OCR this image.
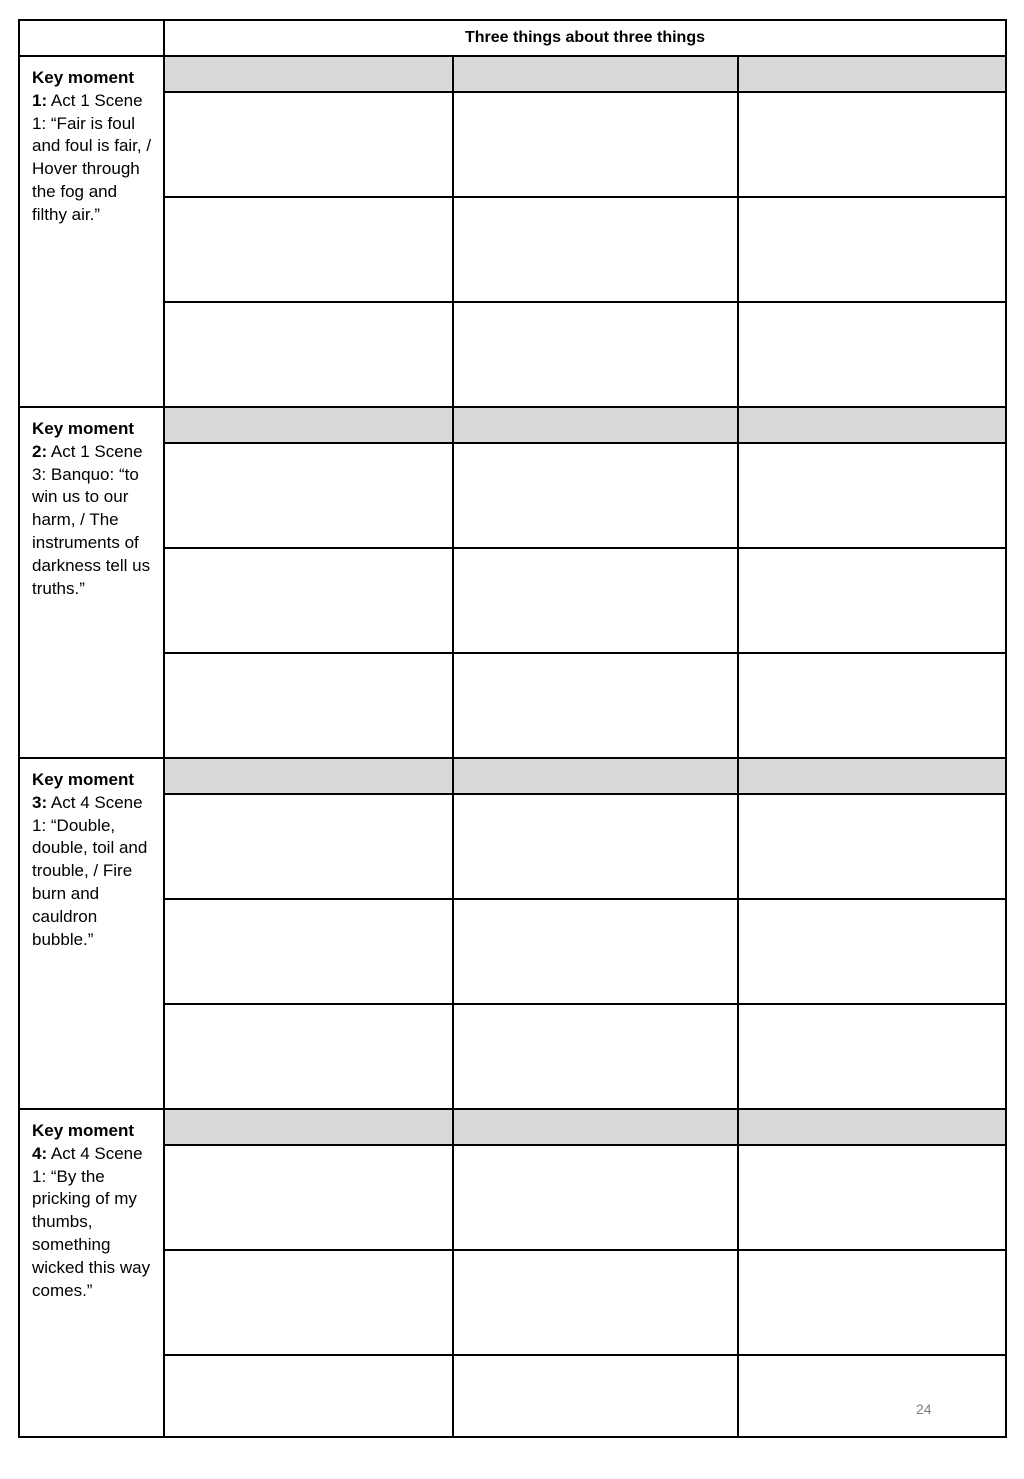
	Three things about three things		
Key moment
1: Act 1 Scene 1: “Fair is foul and foul is fair, / Hover through the fog and filthy air.”			

Key moment
2: Act 1 Scene 3: Banquo: “to win us to our harm, / The instruments of darkness tell us truths.”			

Key moment
3: Act 4 Scene 1: “Double, double, toil and trouble, / Fire burn and cauldron bubble.”			

Key moment
4: Act 4 Scene 1: “By the pricking of my thumbs, something wicked this way comes.”			

24
